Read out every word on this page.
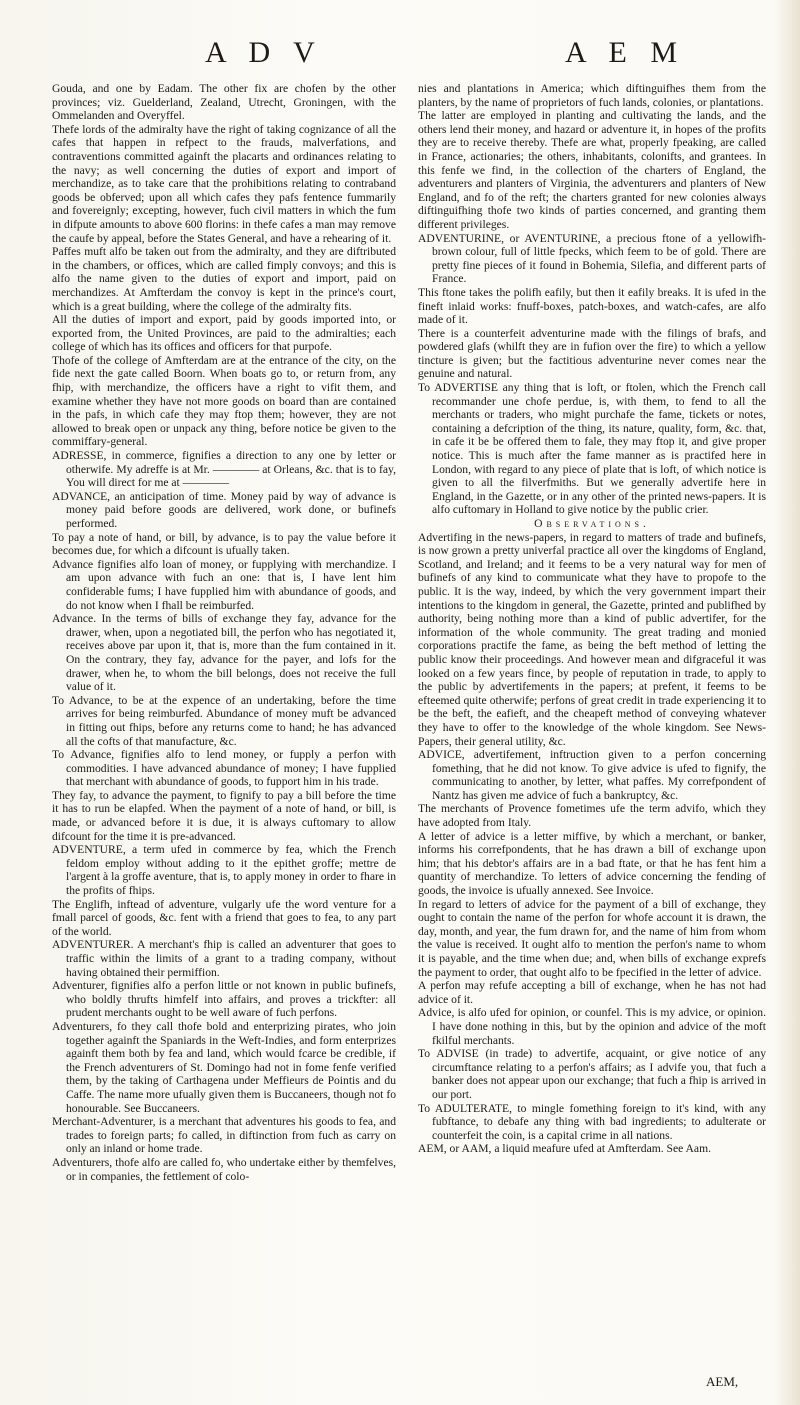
A D V	A E M

Gouda, and one by Eadam. The other fix are chofen by the other provinces; viz. Guelderland, Zealand, Utrecht, Groningen, with the Ommelanden and Overyffel.

Thefe lords of the admiralty have the right of taking cognizance of all the cafes that happen in refpect to the frauds, malverfations, and contraventions committed againft the placarts and ordinances relating to the navy; as well concerning the duties of export and import of merchandize, as to take care that the prohibitions relating to contraband goods be obferved; upon all which cafes they pafs fentence fummarily and fovereignly; excepting, however, fuch civil matters in which the fum in difpute amounts to above 600 florins: in thefe cafes a man may remove the caufe by appeal, before the States General, and have a rehearing of it.

Paffes muft alfo be taken out from the admiralty, and they are diftributed in the chambers, or offices, which are called fimply convoys; and this is alfo the name given to the duties of export and import, paid on merchandizes. At Amfterdam the convoy is kept in the prince's court, which is a great building, where the college of the admiralty fits.

All the duties of import and export, paid by goods imported into, or exported from, the United Provinces, are paid to the admiralties; each college of which has its offices and officers for that purpofe.

Thofe of the college of Amfterdam are at the entrance of the city, on the fide next the gate called Boorn. When boats go to, or return from, any fhip, with merchandize, the officers have a right to vifit them, and examine whether they have not more goods on board than are contained in the pafs, in which cafe they may ftop them; however, they are not allowed to break open or unpack any thing, before notice be given to the commiffary-general.

ADRESSE, in commerce, fignifies a direction to any one by letter or otherwife. My adreffe is at Mr. ———— at Orleans, &c. that is to fay, You will direct for me at ————

ADVANCE, an anticipation of time. Money paid by way of advance is money paid before goods are delivered, work done, or bufinefs performed.

To pay a note of hand, or bill, by advance, is to pay the value before it becomes due, for which a difcount is ufually taken.

Advance fignifies alfo loan of money, or fupplying with merchandize. I am upon advance with fuch an one: that is, I have lent him confiderable fums; I have fupplied him with abundance of goods, and do not know when I fhall be reimburfed.

Advance. In the terms of bills of exchange they fay, advance for the drawer, when, upon a negotiated bill, the perfon who has negotiated it, receives above par upon it, that is, more than the fum contained in it. On the contrary, they fay, advance for the payer, and lofs for the drawer, when he, to whom the bill belongs, does not receive the full value of it.

To Advance, to be at the expence of an undertaking, before the time arrives for being reimburfed. Abundance of money muft be advanced in fitting out fhips, before any returns come to hand; he has advanced all the cofts of that manufacture, &c.

To Advance, fignifies alfo to lend money, or fupply a perfon with commodities. I have advanced abundance of money; I have fupplied that merchant with abundance of goods, to fupport him in his trade.

They fay, to advance the payment, to fignify to pay a bill before the time it has to run be elapfed. When the payment of a note of hand, or bill, is made, or advanced before it is due, it is always cuftomary to allow difcount for the time it is pre-advanced.

ADVENTURE, a term ufed in commerce by fea, which the French feldom employ without adding to it the epithet groffe; mettre de l'argent à la groffe aventure, that is, to apply money in order to fhare in the profits of fhips.

The Englifh, inftead of adventure, vulgarly ufe the word venture for a fmall parcel of goods, &c. fent with a friend that goes to fea, to any part of the world.

ADVENTURER. A merchant's fhip is called an adventurer that goes to traffic within the limits of a grant to a trading company, without having obtained their permiffion.

Adventurer, fignifies alfo a perfon little or not known in public bufinefs, who boldly thrufts himfelf into affairs, and proves a trickfter: all prudent merchants ought to be well aware of fuch perfons.

Adventurers, fo they call thofe bold and enterprizing pirates, who join together againft the Spaniards in the Weft-Indies, and form enterprizes againft them both by fea and land, which would fcarce be credible, if the French adventurers of St. Domingo had not in fome fenfe verified them, by the taking of Carthagena under Meffieurs de Pointis and du Caffe. The name more ufually given them is Buccaneers, though not fo honourable. See Buccaneers.

Merchant-Adventurer, is a merchant that adventures his goods to fea, and trades to foreign parts; fo called, in diftinction from fuch as carry on only an inland or home trade.

Adventurers, thofe alfo are called fo, who undertake either by themfelves, or in companies, the fettlement of colo-

nies and plantations in America; which diftinguifhes them from the planters, by the name of proprietors of fuch lands, colonies, or plantations.

The latter are employed in planting and cultivating the lands, and the others lend their money, and hazard or adventure it, in hopes of the profits they are to receive thereby. Thefe are what, properly fpeaking, are called in France, actionaries; the others, inhabitants, colonifts, and grantees. In this fenfe we find, in the collection of the charters of England, the adventurers and planters of Virginia, the adventurers and planters of New England, and fo of the reft; the charters granted for new colonies always diftinguifhing thofe two kinds of parties concerned, and granting them different privileges.

ADVENTURINE, or AVENTURINE, a precious ftone of a yellowifh-brown colour, full of little fpecks, which feem to be of gold. There are pretty fine pieces of it found in Bohemia, Silefia, and different parts of France.

This ftone takes the polifh eafily, but then it eafily breaks. It is ufed in the fineft inlaid works: fnuff-boxes, patch-boxes, and watch-cafes, are alfo made of it.

There is a counterfeit adventurine made with the filings of brafs, and powdered glafs (whilft they are in fufion over the fire) to which a yellow tincture is given; but the factitious adventurine never comes near the genuine and natural.

To ADVERTISE any thing that is loft, or ftolen, which the French call recommander une chofe perdue, is, with them, to fend to all the merchants or traders, who might purchafe the fame, tickets or notes, containing a defcription of the thing, its nature, quality, form, &c. that, in cafe it be be offered them to fale, they may ftop it, and give proper notice. This is much after the fame manner as is practifed here in London, with regard to any piece of plate that is loft, of which notice is given to all the filverfmiths. But we generally advertife here in England, in the Gazette, or in any other of the printed news-papers. It is alfo cuftomary in Holland to give notice by the public crier.

Observations.

Advertifing in the news-papers, in regard to matters of trade and bufinefs, is now grown a pretty univerfal practice all over the kingdoms of England, Scotland, and Ireland; and it feems to be a very natural way for men of bufinefs of any kind to communicate what they have to propofe to the public. It is the way, indeed, by which the very government impart their intentions to the kingdom in general, the Gazette, printed and publifhed by authority, being nothing more than a kind of public advertifer, for the information of the whole community. The great trading and monied corporations practife the fame, as being the beft method of letting the public know their proceedings. And however mean and difgraceful it was looked on a few years fince, by people of reputation in trade, to apply to the public by advertifements in the papers; at prefent, it feems to be efteemed quite otherwife; perfons of great credit in trade experiencing it to be the beft, the eafieft, and the cheapeft method of conveying whatever they have to offer to the knowledge of the whole kingdom. See News-Papers, their general utility, &c.

ADVICE, advertifement, inftruction given to a perfon concerning fomething, that he did not know. To give advice is ufed to fignify, the communicating to another, by letter, what paffes. My correfpondent of Nantz has given me advice of fuch a bankruptcy, &c.

The merchants of Provence fometimes ufe the term advifo, which they have adopted from Italy.

A letter of advice is a letter miffive, by which a merchant, or banker, informs his correfpondents, that he has drawn a bill of exchange upon him; that his debtor's affairs are in a bad ftate, or that he has fent him a quantity of merchandize. To letters of advice concerning the fending of goods, the invoice is ufually annexed. See Invoice.

In regard to letters of advice for the payment of a bill of exchange, they ought to contain the name of the perfon for whofe account it is drawn, the day, month, and year, the fum drawn for, and the name of him from whom the value is received. It ought alfo to mention the perfon's name to whom it is payable, and the time when due; and, when bills of exchange exprefs the payment to order, that ought alfo to be fpecified in the letter of advice.

A perfon may refufe accepting a bill of exchange, when he has not had advice of it.

Advice, is alfo ufed for opinion, or counfel. This is my advice, or opinion. I have done nothing in this, but by the opinion and advice of the moft fkilful merchants.

To ADVISE (in trade) to advertife, acquaint, or give notice of any circumftance relating to a perfon's affairs; as I advife you, that fuch a banker does not appear upon our exchange; that fuch a fhip is arrived in our port.

To ADULTERATE, to mingle fomething foreign to it's kind, with any fubftance, to debafe any thing with bad ingredients; to adulterate or counterfeit the coin, is a capital crime in all nations.

AEM, or AAM, a liquid meafure ufed at Amfterdam. See Aam.

AEM,
